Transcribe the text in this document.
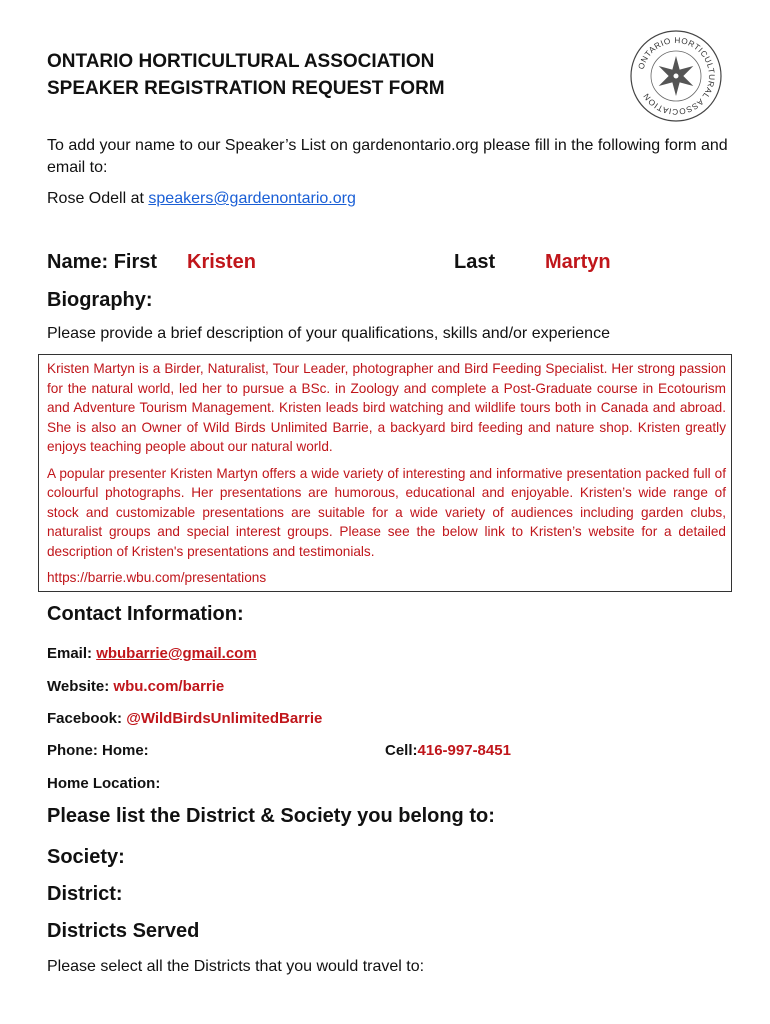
ONTARIO HORTICULTURAL ASSOCIATION
SPEAKER REGISTRATION REQUEST FORM
ONTARIO HORTICULTURAL ASSOCIATION
To add your name to our Speaker’s List on gardenontario.org please fill in the following form and email to:
Rose Odell at speakers@gardenontario.org
Name: First Kristen	Last Martyn
Biography:
Please provide a brief description of your qualifications, skills and/or experience

Kristen Martyn is a Birder, Naturalist, Tour Leader, photographer and Bird Feeding Specialist. Her strong passion for the natural world, led her to pursue a BSc. in Zoology and complete a Post-Graduate course in Ecotourism and Adventure Tourism Management. Kristen leads bird watching and wildlife tours both in Canada and abroad. She is also an Owner of Wild Birds Unlimited Barrie, a backyard bird feeding and nature shop. Kristen greatly enjoys teaching people about our natural world.

A popular presenter Kristen Martyn offers a wide variety of interesting and informative presentation packed full of colourful photographs. Her presentations are humorous, educational and enjoyable. Kristen’s wide range of stock and customizable presentations are suitable for a wide variety of audiences including garden clubs, naturalist groups and special interest groups. Please see the below link to Kristen’s website for a detailed description of Kristen's presentations and testimonials.

https://barrie.wbu.com/presentations

Contact Information:
Email: wbubarrie@gmail.com
Website: wbu.com/barrie
Facebook: @WildBirdsUnlimitedBarrie
Phone: Home:	Cell:416-997-8451
Home Location:
Please list the District & Society you belong to:
Society:
District:
Districts Served
Please select all the Districts that you would travel to:
